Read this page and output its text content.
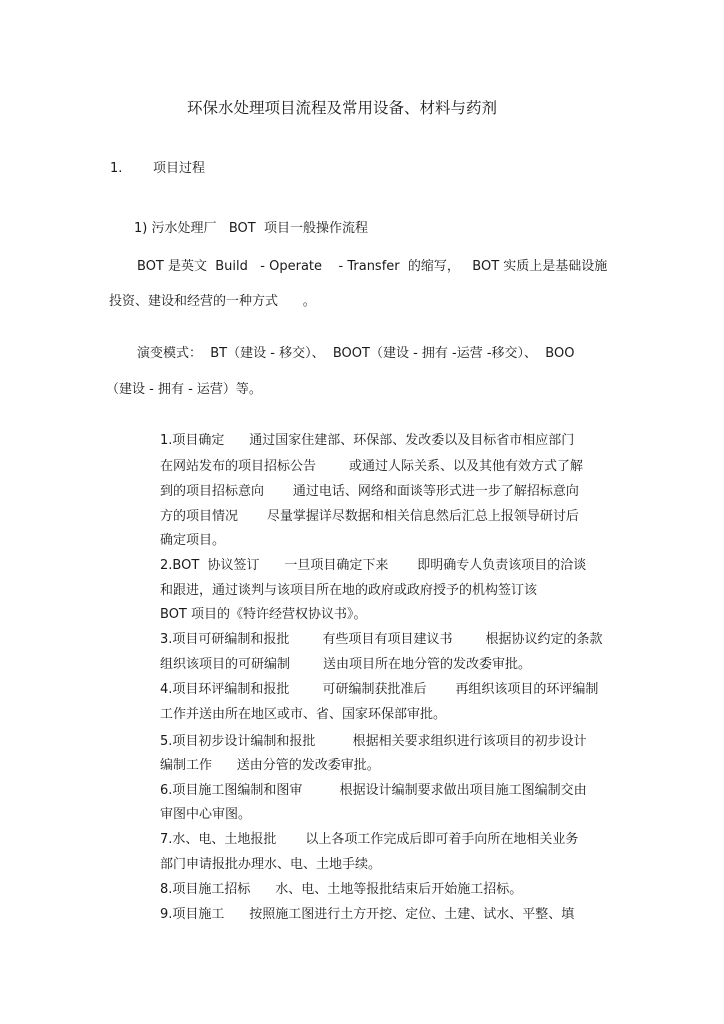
环保水处理项目流程及常用设备、材料与药剂
1. 项目过程
1) 污水处理厂   BOT  项目一般操作流程
BOT 是英文  Build   - Operate    - Transfer  的缩写，   BOT 实质上是基础设施
投资、建设和经营的一种方式      。
演变模式：  BT（建设 - 移交）、  BOOT（建设 - 拥有 -运营 -移交）、  BOO
（建设 - 拥有 - 运营）等。
1.项目确定      通过国家住建部、环保部、发改委以及目标省市相应部门
在网站发布的项目招标公告        或通过人际关系、以及其他有效方式了解
到的项目招标意向       通过电话、网络和面谈等形式进一步了解招标意向
方的项目情况       尽量掌握详尽数据和相关信息然后汇总上报领导研讨后
确定项目。
2.BOT  协议签订      一旦项目确定下来       即明确专人负责该项目的洽谈
和跟进，通过谈判与该项目所在地的政府或政府授予的机构签订该
BOT 项目的《特许经营权协议书》。
3.项目可研编制和报批        有些项目有项目建议书        根据协议约定的条款
组织该项目的可研编制        送由项目所在地分管的发改委审批。
4.项目环评编制和报批        可研编制获批准后       再组织该项目的环评编制
工作并送由所在地区或市、省、国家环保部审批。
5.项目初步设计编制和报批         根据相关要求组织进行该项目的初步设计
编制工作      送由分管的发改委审批。
6.项目施工图编制和图审         根据设计编制要求做出项目施工图编制交由
审图中心审图。
7.水、电、土地报批       以上各项工作完成后即可着手向所在地相关业务
部门申请报批办理水、电、土地手续。
8.项目施工招标      水、电、土地等报批结束后开始施工招标。
9.项目施工      按照施工图进行土方开挖、定位、土建、试水、平整、填
